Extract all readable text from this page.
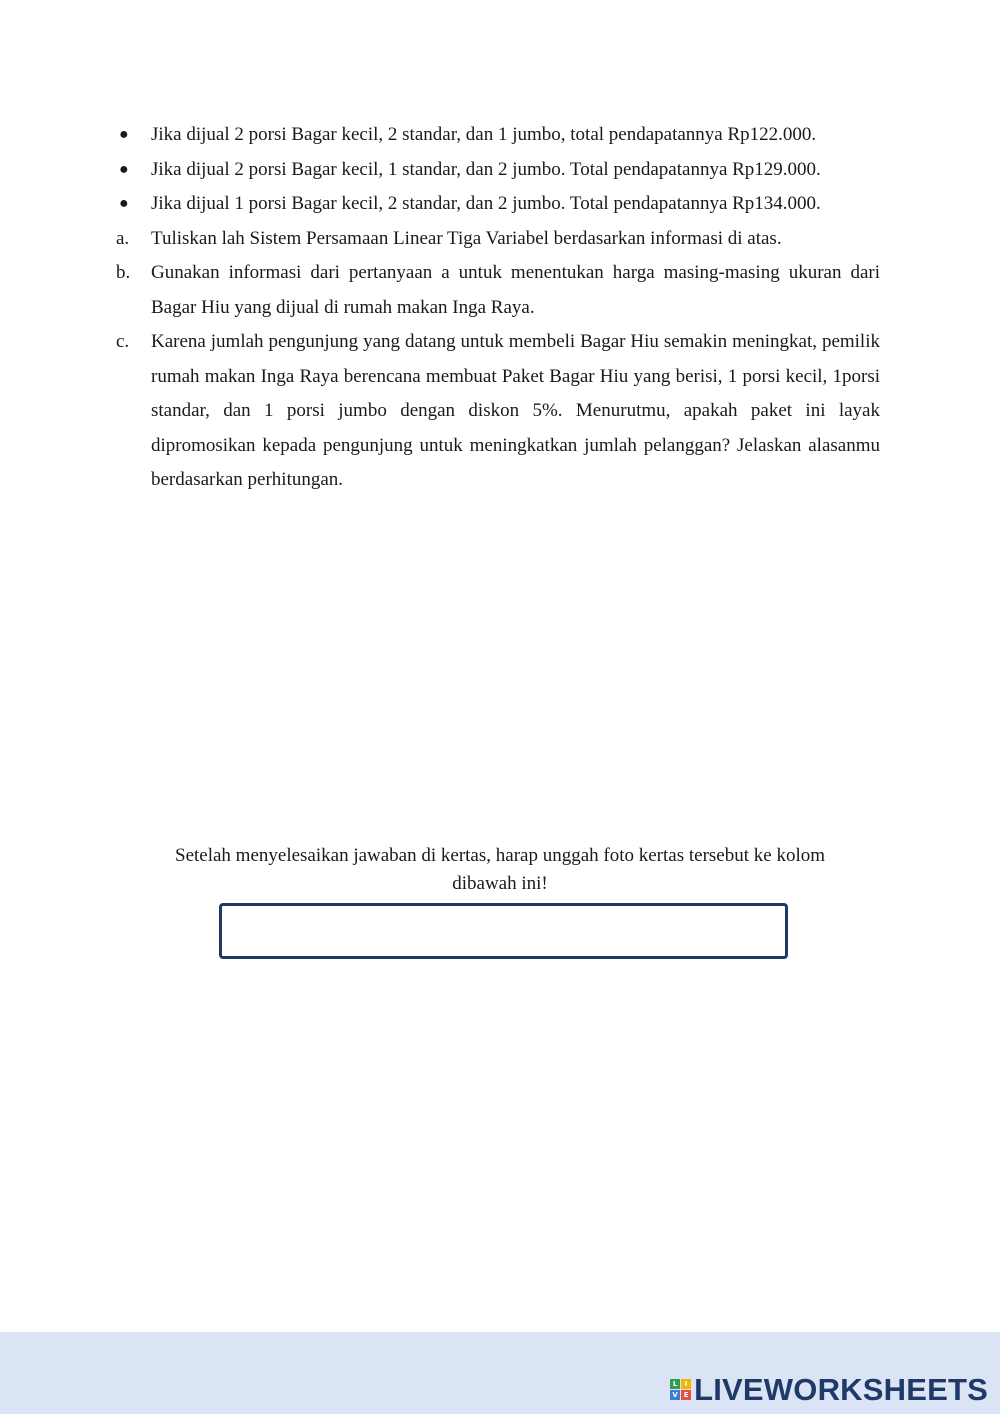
●	Jika dijual 2 porsi Bagar kecil, 2 standar, dan 1 jumbo, total pendapatannya Rp122.000.
●	Jika dijual 2 porsi Bagar kecil, 1 standar, dan 2 jumbo. Total pendapatannya Rp129.000.
●	Jika dijual 1 porsi Bagar kecil, 2 standar, dan 2 jumbo. Total pendapatannya Rp134.000.
a.	Tuliskan lah Sistem Persamaan Linear Tiga Variabel berdasarkan informasi di atas.
b.	Gunakan informasi dari pertanyaan a untuk menentukan harga masing-masing ukuran dari Bagar Hiu yang dijual di rumah makan Inga Raya.
c.	Karena jumlah pengunjung yang datang untuk membeli Bagar Hiu semakin meningkat, pemilik rumah makan Inga Raya berencana membuat Paket Bagar Hiu yang berisi, 1 porsi kecil, 1porsi standar, dan 1 porsi jumbo dengan diskon 5%. Menurutmu, apakah paket ini layak dipromosikan kepada pengunjung untuk meningkatkan jumlah pelanggan? Jelaskan alasanmu berdasarkan perhitungan.
Setelah menyelesaikan jawaban di kertas, harap unggah foto kertas tersebut ke kolom
dibawah ini!
L	I
V E LIVEWORKSHEETS
